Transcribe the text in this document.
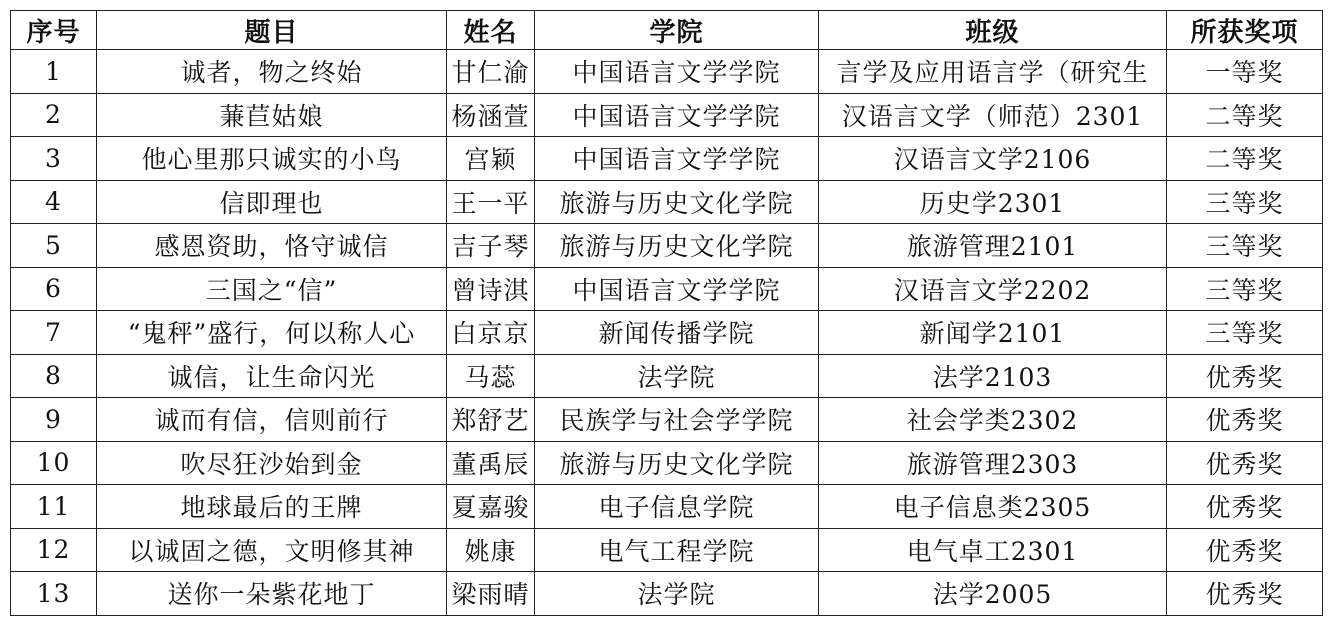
序号	题目	姓名	学院	班级	所获奖项
1	诚者，物之终始	甘仁渝	中国语言文学学院	言学及应用语言学（研究生	一等奖
2	蒹苣姑娘	杨涵萱	中国语言文学学院	汉语言文学（师范）2301	二等奖
3	他心里那只诚实的小鸟	宫颖	中国语言文学学院	汉语言文学2106	二等奖
4	信即理也	王一平	旅游与历史文化学院	历史学2301	三等奖
5	感恩资助，恪守诚信	吉子琴	旅游与历史文化学院	旅游管理2101	三等奖
6	三国之“信”	曾诗淇	中国语言文学学院	汉语言文学2202	三等奖
7	“鬼秤”盛行，何以称人心	白京京	新闻传播学院	新闻学2101	三等奖
8	诚信，让生命闪光	马蕊	法学院	法学2103	优秀奖
9	诚而有信，信则前行	郑舒艺	民族学与社会学学院	社会学类2302	优秀奖
10	吹尽狂沙始到金	董禹辰	旅游与历史文化学院	旅游管理2303	优秀奖
11	地球最后的王牌	夏嘉骏	电子信息学院	电子信息类2305	优秀奖
12	以诚固之德，文明修其神	姚康	电气工程学院	电气卓工2301	优秀奖
13	送你一朵紫花地丁	梁雨晴	法学院	法学2005	优秀奖
